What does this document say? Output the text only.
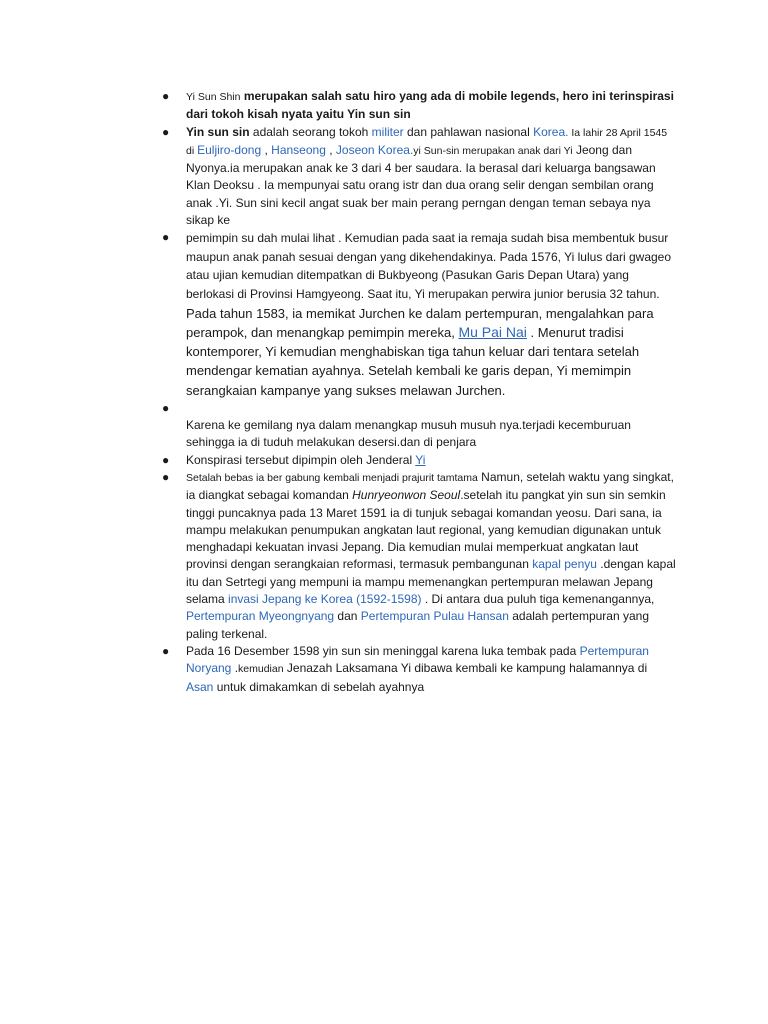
● Yi Sun Shin merupakan salah satu hiro yang ada di mobile legends, hero ini terinspirasi dari tokoh kisah nyata yaitu Yin sun sin
● Yin sun sin adalah seorang tokoh militer dan pahlawan nasional Korea. Ia lahir 28 April 1545 di Euljiro-dong , Hanseong , Joseon Korea.yi Sun-sin merupakan anak dari Yi Jeong dan Nyonya.ia merupakan anak ke 3 dari 4 ber saudara. Ia berasal dari keluarga bangsawan Klan Deoksu . Ia mempunyai satu orang istr dan dua orang selir dengan sembilan orang anak .Yi. Sun sini kecil angat suak ber main perang perngan dengan teman sebaya nya sikap ke
● pemimpin su dah mulai lihat . Kemudian pada saat ia remaja sudah bisa membentuk busur maupun anak panah sesuai dengan yang dikehendakinya. Pada 1576, Yi lulus dari gwageo atau ujian kemudian ditempatkan di Bukbyeong (Pasukan Garis Depan Utara) yang berlokasi di Provinsi Hamgyeong. Saat itu, Yi merupakan perwira junior berusia 32 tahun. Pada tahun 1583, ia memikat Jurchen ke dalam pertempuran, mengalahkan para perampok, dan menangkap pemimpin mereka, Mu Pai Nai . Menurut tradisi kontemporer, Yi kemudian menghabiskan tiga tahun keluar dari tentara setelah mendengar kematian ayahnya. Setelah kembali ke garis depan, Yi memimpin serangkaian kampanye yang sukses melawan Jurchen.
●
Karena ke gemilang nya dalam menangkap musuh musuh nya.terjadi kecemburuan sehingga ia di tuduh melakukan desersi.dan di penjara
● Konspirasi tersebut dipimpin oleh Jenderal Yi
● Setalah bebas ia ber gabung kembali menjadi prajurit tamtama Namun, setelah waktu yang singkat, ia diangkat sebagai komandan Hunryeonwon Seoul.setelah itu pangkat yin sun sin semkin tinggi puncaknya pada 13 Maret 1591 ia di tunjuk sebagai komandan yeosu. Dari sana, ia mampu melakukan penumpukan angkatan laut regional, yang kemudian digunakan untuk menghadapi kekuatan invasi Jepang. Dia kemudian mulai memperkuat angkatan laut provinsi dengan serangkaian reformasi, termasuk pembangunan kapal penyu .dengan kapal itu dan Setrtegi yang mempuni ia mampu memenangkan pertempuran melawan Jepang selama invasi Jepang ke Korea (1592-1598) . Di antara dua puluh tiga kemenangannya, Pertempuran Myeongnyang dan Pertempuran Pulau Hansan adalah pertempuran yang paling terkenal.
● Pada 16 Desember 1598 yin sun sin meninggal karena luka tembak pada Pertempuran Noryang .kemudian Jenazah Laksamana Yi dibawa kembali ke kampung halamannya di Asan untuk dimakamkan di sebelah ayahnya
